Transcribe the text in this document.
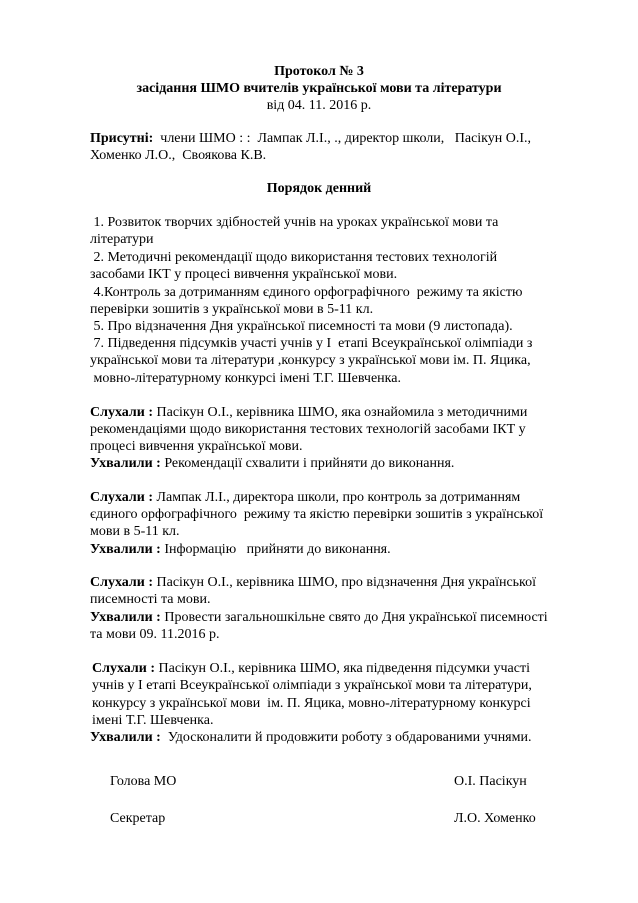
Протокол № 3
засідання ШМО вчителів української мови та літератури
від 04. 11. 2016 р.
Присутні:  члени ШМО : :  Лампак Л.І., ., директор школи,   Пасікун О.І.,
Хоменко Л.О.,  Своякова К.В.
Порядок денний
1. Розвиток творчих здібностей учнів на уроках української мови та
літератури
2. Методичні рекомендації щодо використання тестових технологій
засобами ІКТ у процесі вивчення української мови.
4.Контроль за дотриманням єдиного орфографічного  режиму та якістю
перевірки зошитів з української мови в 5-11 кл.
5. Про відзначення Дня української писемності та мови (9 листопада).
7. Підведення підсумків участі учнів у І  етапі Всеукраїнської олімпіади з
української мови та літератури ,конкурсу з української мови ім. П. Яцика,
мовно-літературному конкурсі імені Т.Г. Шевченка.
Слухали : Пасікун О.І., керівника ШМО, яка ознайомила з методичними
рекомендаціями щодо використання тестових технологій засобами ІКТ у
процесі вивчення української мови.
Ухвалили : Рекомендації схвалити і прийняти до виконання.
Слухали : Лампак Л.І., директора школи, про контроль за дотриманням
єдиного орфографічного  режиму та якістю перевірки зошитів з української
мови в 5-11 кл.
Ухвалили : Інформацію   прийняти до виконання.
Слухали : Пасікун О.І., керівника ШМО, про відзначення Дня української
писемності та мови.
Ухвалили : Провести загальношкільне свято до Дня української писемності
та мови 09. 11.2016 р.
Слухали : Пасікун О.І., керівника ШМО, яка підведення підсумки участі
учнів у І етапі Всеукраїнської олімпіади з української мови та літератури,
конкурсу з української мови  ім. П. Яцика, мовно-літературному конкурсі
імені Т.Г. Шевченка.
Ухвалили :  Удосконалити й продовжити роботу з обдарованими учнями.
Голова МО	О.І. Пасікун
Секретар	Л.О. Хоменко
